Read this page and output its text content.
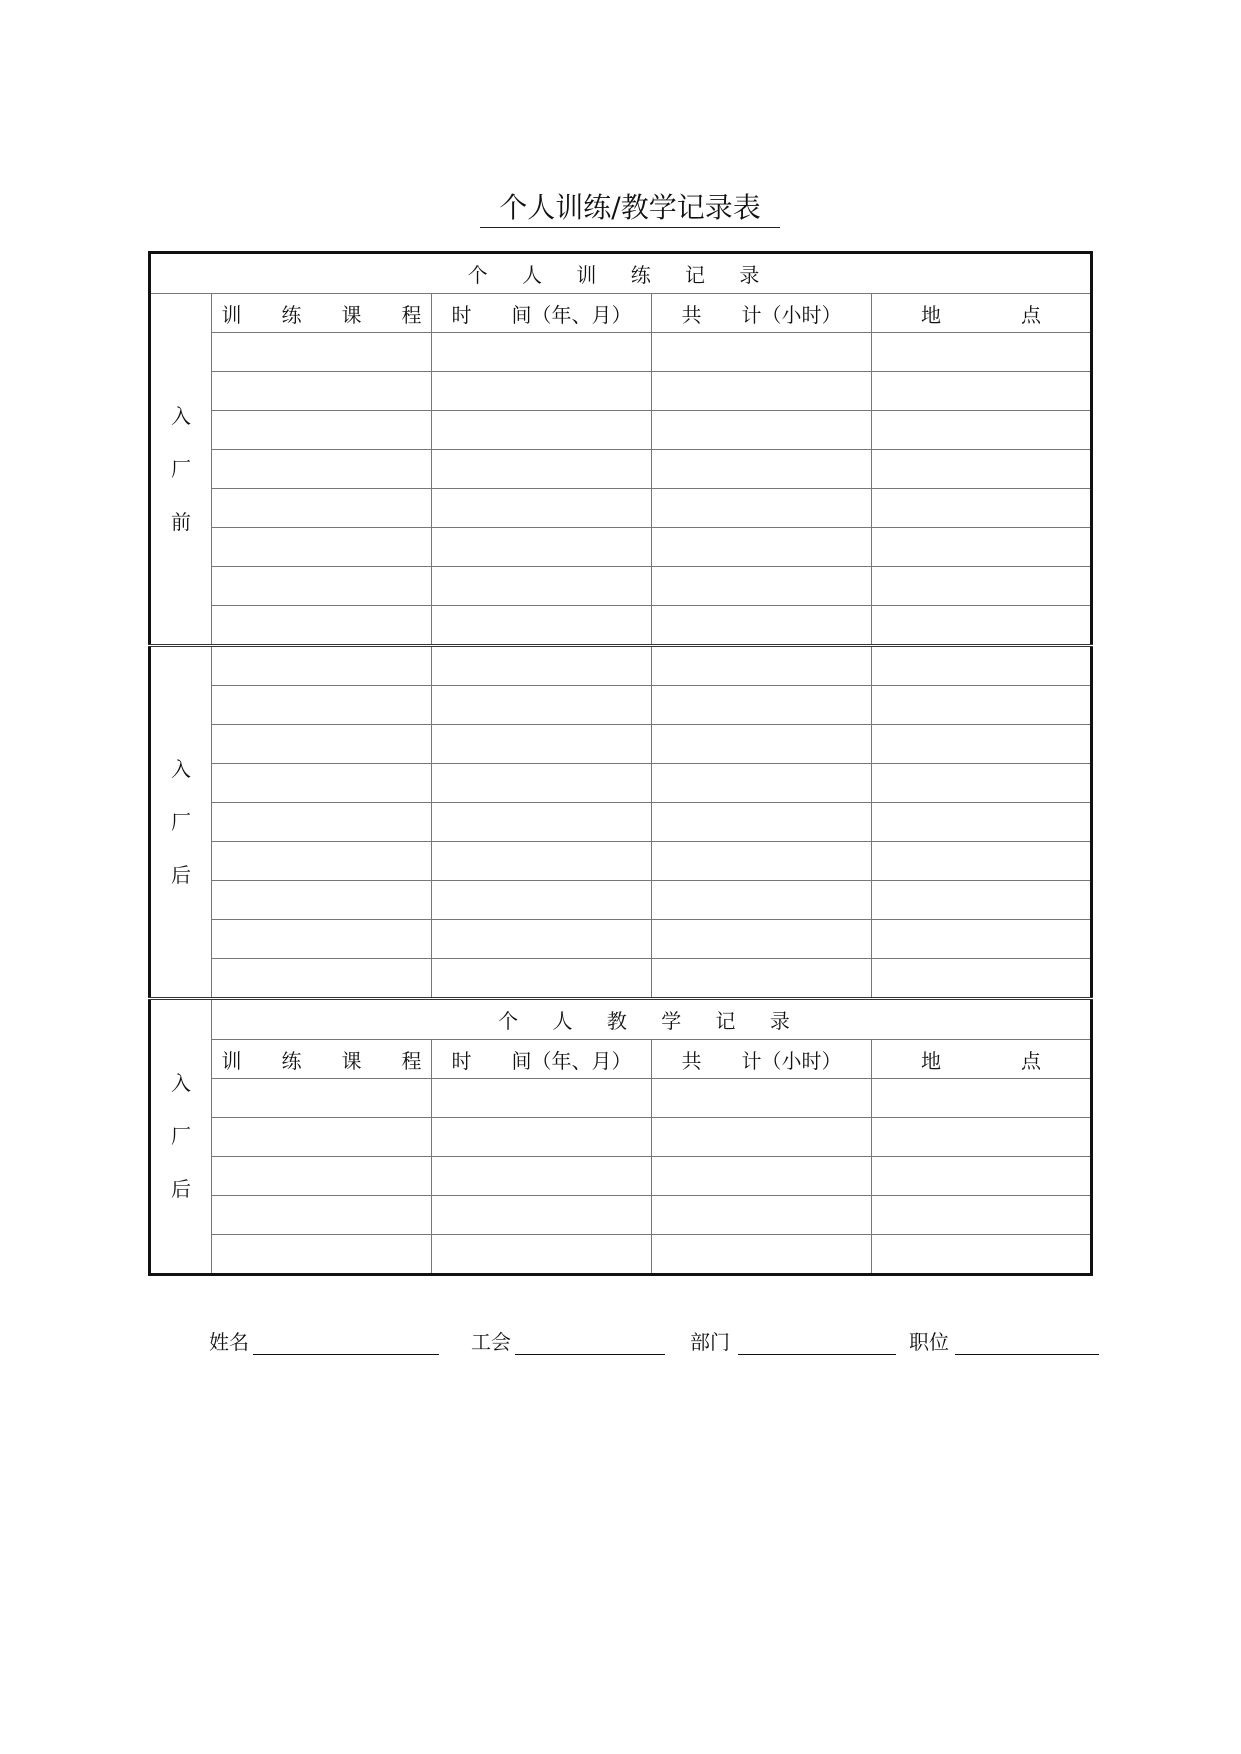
个人训练/教学记录表
个 人 训 练 记 录				
入厂前	训　　练　　课　　程	时　　间（年、月）	共　　计（小时）	地　　　　点

入厂后				

入厂后	个 人 教 学 记 录			
	训　　练　　课　　程	时　　间（年、月）	共　　计（小时）	地　　　　点

姓名	工会	部门	职位
